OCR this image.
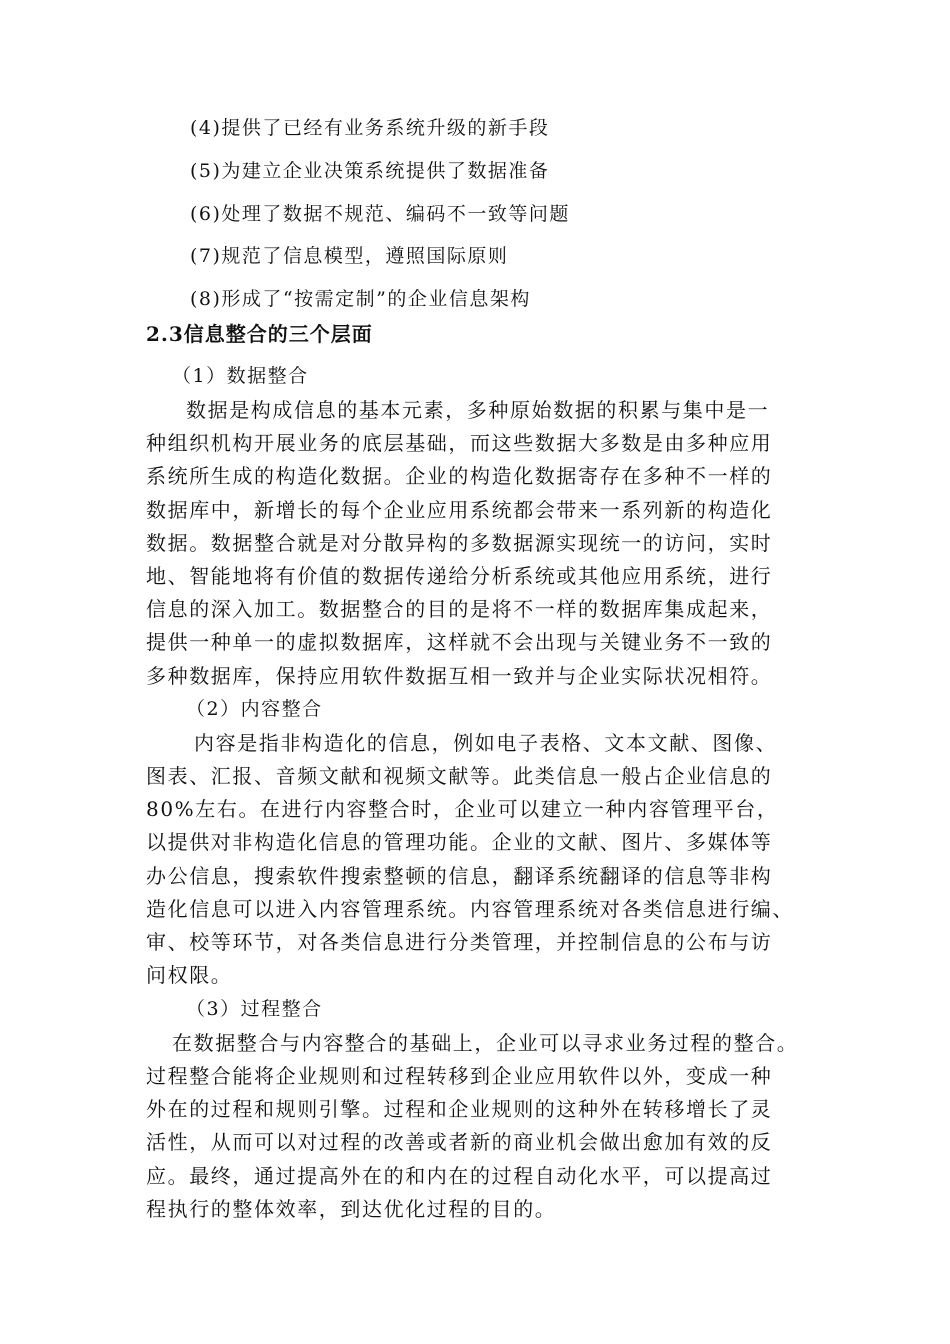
(4)提供了已经有业务系统升级的新手段
(5)为建立企业决策系统提供了数据准备
(6)处理了数据不规范、编码不一致等问题
(7)规范了信息模型，遵照国际原则
(8)形成了“按需定制”的企业信息架构
2.3信息整合的三个层面
（1）数据整合
数据是构成信息的基本元素，多种原始数据的积累与集中是一
种组织机构开展业务的底层基础，而这些数据大多数是由多种应用
系统所生成的构造化数据。企业的构造化数据寄存在多种不一样的
数据库中，新增长的每个企业应用系统都会带来一系列新的构造化
数据。数据整合就是对分散异构的多数据源实现统一的访问，实时
地、智能地将有价值的数据传递给分析系统或其他应用系统，进行
信息的深入加工。数据整合的目的是将不一样的数据库集成起来，
提供一种单一的虚拟数据库，这样就不会出现与关键业务不一致的
多种数据库，保持应用软件数据互相一致并与企业实际状况相符。
（2）内容整合
内容是指非构造化的信息，例如电子表格、文本文献、图像、
图表、汇报、音频文献和视频文献等。此类信息一般占企业信息的
80%左右。在进行内容整合时，企业可以建立一种内容管理平台，
以提供对非构造化信息的管理功能。企业的文献、图片、多媒体等
办公信息，搜索软件搜索整顿的信息，翻译系统翻译的信息等非构
造化信息可以进入内容管理系统。内容管理系统对各类信息进行编、
审、校等环节，对各类信息进行分类管理，并控制信息的公布与访
问权限。
（3）过程整合
在数据整合与内容整合的基础上，企业可以寻求业务过程的整合。
过程整合能将企业规则和过程转移到企业应用软件以外，变成一种
外在的过程和规则引擎。过程和企业规则的这种外在转移增长了灵
活性，从而可以对过程的改善或者新的商业机会做出愈加有效的反
应。最终，通过提高外在的和内在的过程自动化水平，可以提高过
程执行的整体效率，到达优化过程的目的。
